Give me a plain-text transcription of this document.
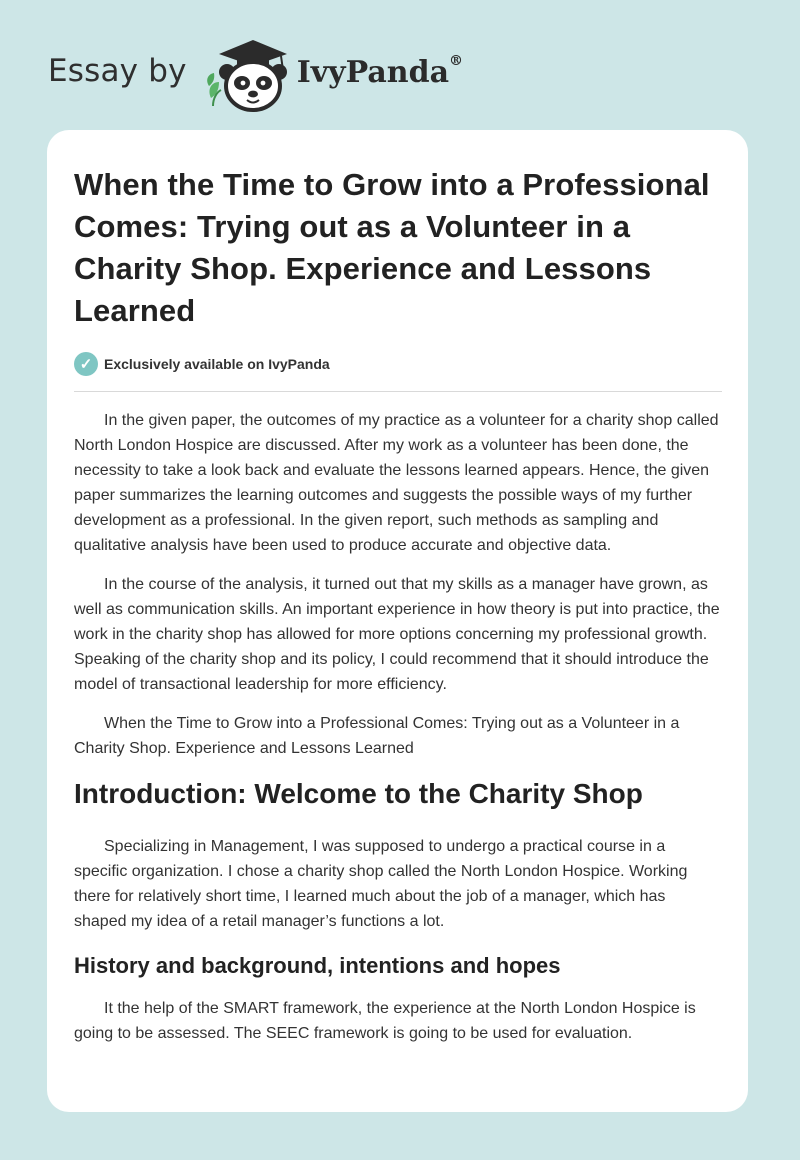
Essay by	IvyPanda®
When the Time to Grow into a Professional Comes: Trying out as a Volunteer in a Charity Shop. Experience and Lessons Learned
✓ Exclusively available on IvyPanda

In the given paper, the outcomes of my practice as a volunteer for a charity shop called North London Hospice are discussed. After my work as a volunteer has been done, the necessity to take a look back and evaluate the lessons learned appears. Hence, the given paper summarizes the learning outcomes and suggests the possible ways of my further development as a professional. In the given report, such methods as sampling and qualitative analysis have been used to produce accurate and objective data.

In the course of the analysis, it turned out that my skills as a manager have grown, as well as communication skills. An important experience in how theory is put into practice, the work in the charity shop has allowed for more options concerning my professional growth. Speaking of the charity shop and its policy, I could recommend that it should introduce the model of transactional leadership for more efficiency.

When the Time to Grow into a Professional Comes: Trying out as a Volunteer in a Charity Shop. Experience and Lessons Learned

Introduction: Welcome to the Charity Shop

Specializing in Management, I was supposed to undergo a practical course in a specific organization. I chose a charity shop called the North London Hospice. Working there for relatively short time, I learned much about the job of a manager, which has shaped my idea of a retail manager’s functions a lot.

History and background, intentions and hopes

It the help of the SMART framework, the experience at the North London Hospice is going to be assessed. The SEEC framework is going to be used for evaluation.
